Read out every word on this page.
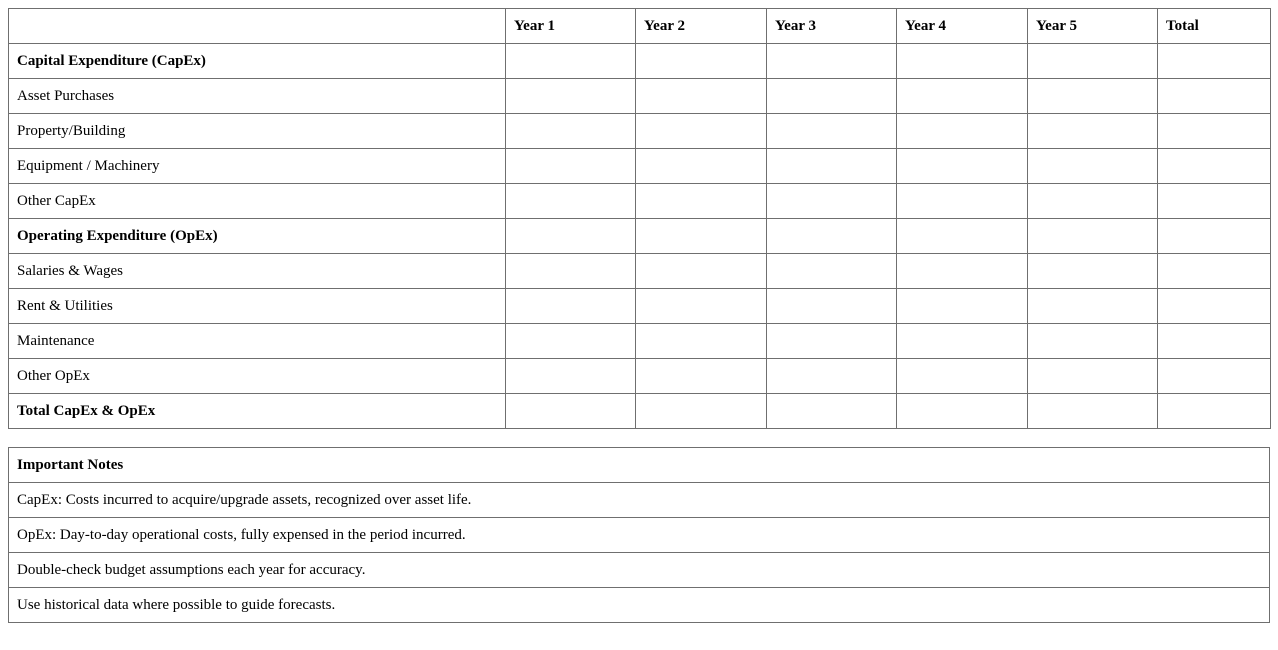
	Year 1	Year 2	Year 3	Year 4	Year 5	Total
Capital Expenditure (CapEx)						
Asset Purchases						
Property/Building						
Equipment / Machinery						
Other CapEx						
Operating Expenditure (OpEx)						
Salaries & Wages						
Rent & Utilities						
Maintenance						
Other OpEx						
Total CapEx & OpEx						
Important Notes
CapEx: Costs incurred to acquire/upgrade assets, recognized over asset life.
OpEx: Day-to-day operational costs, fully expensed in the period incurred.
Double-check budget assumptions each year for accuracy.
Use historical data where possible to guide forecasts.
